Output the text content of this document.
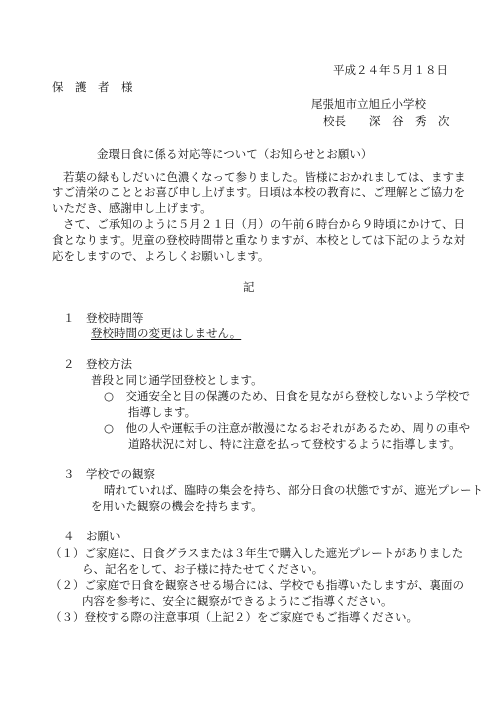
平成２４年５月１８日
保　護　者　様
尾張旭市立旭丘小学校
校長　　深　谷　秀　次
金環日食に係る対応等について（お知らせとお願い）
若葉の緑もしだいに色濃くなって参りました。皆様におかれましては、ますま
すご清栄のこととお喜び申し上げます。日頃は本校の教育に、ご理解とご協力を
いただき、感謝申し上げます。
さて、ご承知のように５月２１日（月）の午前６時台から９時頃にかけて、日
食となります。児童の登校時間帯と重なりますが、本校としては下記のような対
応をしますので、よろしくお願いします。
記
１　登校時間等
登校時間の変更はしません。
２　登校方法
普段と同じ通学団登校とします。
○　交通安全と目の保護のため、日食を見ながら登校しないよう学校で
指導します。
○　他の人や運転手の注意が散漫になるおそれがあるため、周りの車や
道路状況に対し、特に注意を払って登校するように指導します。
３　学校での観察
晴れていれば、臨時の集会を持ち、部分日食の状態ですが、遮光プレート
を用いた観察の機会を持ちます。
４　お願い
（１）ご家庭に、日食グラスまたは３年生で購入した遮光プレートがありました
ら、記名をして、お子様に持たせてください。
（２）ご家庭で日食を観察させる場合には、学校でも指導いたしますが、裏面の
内容を参考に、安全に観察ができるようにご指導ください。
（３）登校する際の注意事項（上記２）をご家庭でもご指導ください。
